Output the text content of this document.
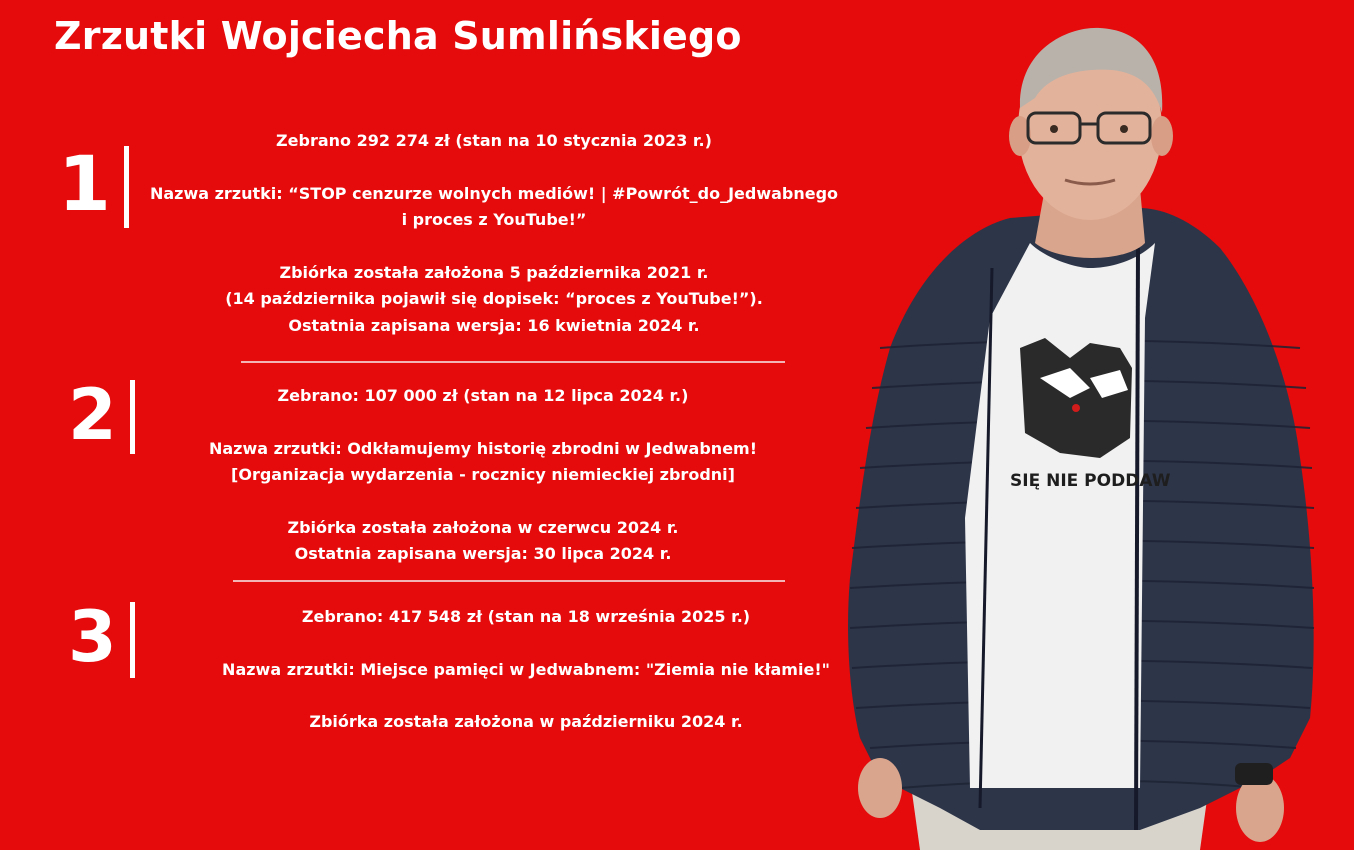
Zrzutki Wojciecha Sumlińskiego
1	Zebrano 292 274 zł (stan na 10 stycznia 2023 r.)

Nazwa zrzutki: “STOP cenzurze wolnych mediów! | #Powrót_do_Jedwabnego

i proces z YouTube!”

Zbiórka została założona 5 października 2021 r.

(14 października pojawił się dopisek: “proces z YouTube!”).

Ostatnia zapisana wersja: 16 kwietnia 2024 r.

2	Zebrano: 107 000 zł (stan na 12 lipca 2024 r.)

Nazwa zrzutki: Odkłamujemy historię zbrodni w Jedwabnem!

[Organizacja wydarzenia - rocznicy niemieckiej zbrodni]

Zbiórka została założona w czerwcu 2024 r.

Ostatnia zapisana wersja: 30 lipca 2024 r.

3	Zebrano: 417 548 zł (stan na 18 września 2025 r.)

Nazwa zrzutki: Miejsce pamięci w Jedwabnem: "Ziemia nie kłamie!"

Zbiórka została założona w październiku 2024 r.

SIĘ NIE PODDAW
